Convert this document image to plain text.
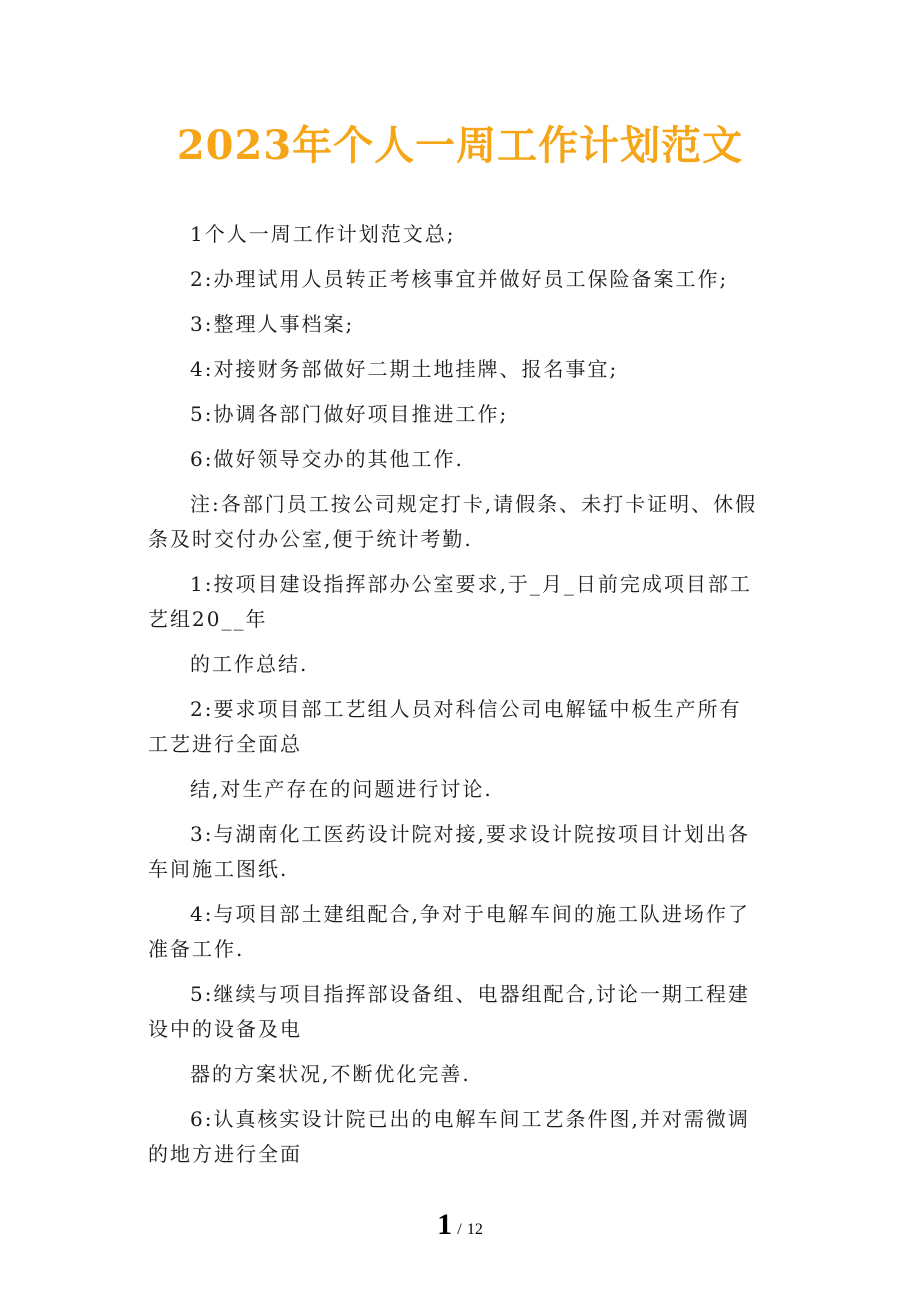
2023年个人一周工作计划范文

1个人一周工作计划范文总;

2:办理试用人员转正考核事宜并做好员工保险备案工作;

3:整理人事档案;

4:对接财务部做好二期土地挂牌、报名事宜;

5:协调各部门做好项目推进工作;

6:做好领导交办的其他工作.

注:各部门员工按公司规定打卡,请假条、未打卡证明、休假条及时交付办公室,便于统计考勤.

1:按项目建设指挥部办公室要求,于_月_日前完成项目部工艺组20__年

的工作总结.

2:要求项目部工艺组人员对科信公司电解锰中板生产所有工艺进行全面总

结,对生产存在的问题进行讨论.

3:与湖南化工医药设计院对接,要求设计院按项目计划出各车间施工图纸.

4:与项目部土建组配合,争对于电解车间的施工队进场作了准备工作.

5:继续与项目指挥部设备组、电器组配合,讨论一期工程建设中的设备及电

器的方案状况,不断优化完善.

6:认真核实设计院已出的电解车间工艺条件图,并对需微调的地方进行全面

1 / 12
